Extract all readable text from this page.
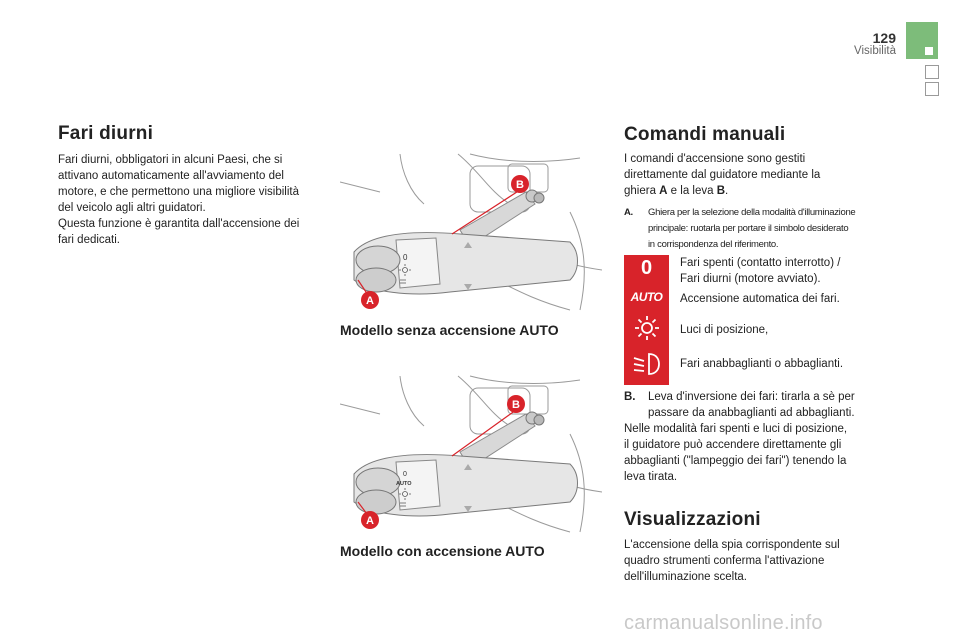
129
Visibilità
Fari diurni
Fari diurni, obbligatori in alcuni Paesi, che si
attivano automaticamente all'avviamento del
motore, e che permettono una migliore visibilità
del veicolo agli altri guidatori.
Questa funzione è garantita dall'accensione dei
fari dedicati.
0
B
A
Modello senza accensione AUTO
0
AUTO
B
A
Modello con accensione AUTO
Comandi manuali
I comandi d'accensione sono gestiti
direttamente dal guidatore mediante la
ghiera A e la leva B.
A. Ghiera per la selezione della modalità d'illuminazione
principale: ruotarla per portare il simbolo desiderato
in corrispondenza del riferimento.
0
AUTO
Fari spenti (contatto interrotto) /
Fari diurni (motore avviato).
Accensione automatica dei fari.
Luci di posizione,
Fari anabbaglianti o abbaglianti.
B. Leva d'inversione dei fari: tirarla a sè per
passare da anabbaglianti ad abbaglianti.
Nelle modalità fari spenti e luci di posizione,
il guidatore può accendere direttamente gli
abbaglianti ("lampeggio dei fari") tenendo la
leva tirata.
Visualizzazioni
L'accensione della spia corrispondente sul
quadro strumenti conferma l'attivazione
dell'illuminazione scelta.
carmanualsonline.info
